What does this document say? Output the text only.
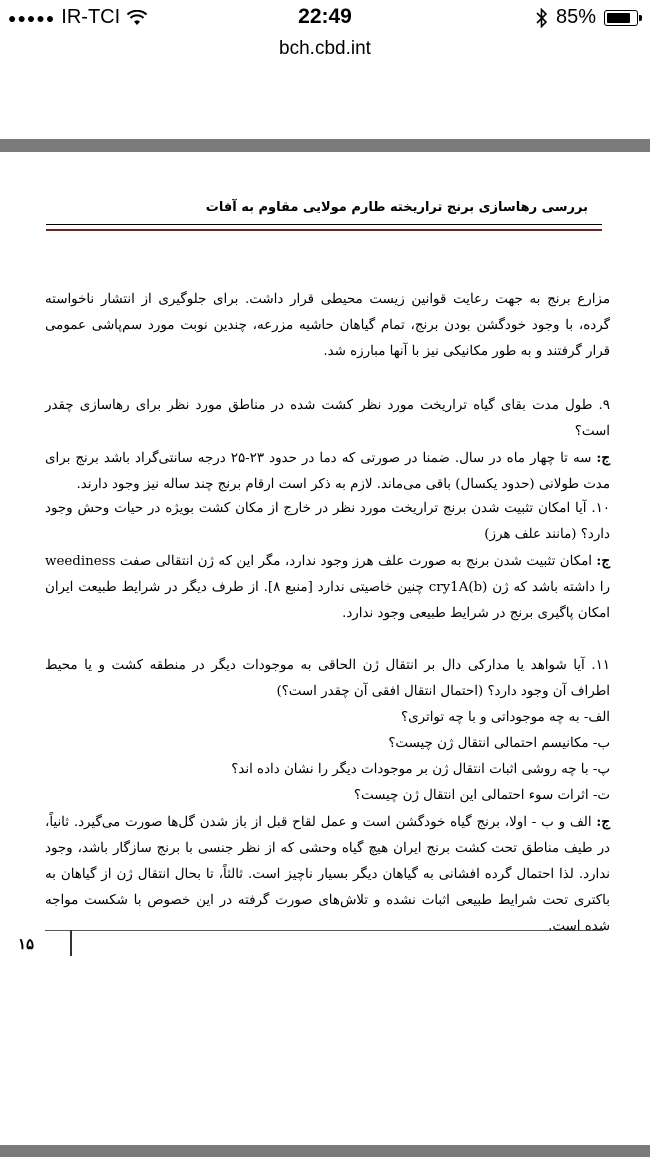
●●●●● IR-TCI	22:49	85%
bch.cbd.int
بررسی رهاسازی برنج تراریخته طارم مولایی مقاوم به آفات

مزارع برنج به جهت رعایت قوانین زیست محیطی قرار داشت. برای جلوگیری از انتشار ناخواسته گرده، با وجود خودگشن بودن برنج، تمام گیاهان حاشیه مزرعه، چندین نوبت مورد سم‌پاشی عمومی قرار گرفتند و به طور مکانیکی نیز با آنها مبارزه شد.

۹. طول مدت بقای گیاه تراریخت مورد نظر کشت شده در مناطق مورد نظر برای رهاسازی چقدر است؟

ج: سه تا چهار ماه در سال. ضمنا در صورتی که دما در حدود ۲۳-۲۵ درجه سانتی‌گراد باشد برنج برای مدت طولانی (حدود یکسال) باقی می‌ماند. لازم به ذکر است ارقام برنج چند ساله نیز وجود دارند.

۱۰. آیا امکان تثبیت شدن برنج تراریخت مورد نظر در خارج از مکان کشت بویژه در حیات وحش وجود دارد؟ (مانند علف هرز)

ج: امکان تثبیت شدن برنج به صورت علف هرز وجود ندارد، مگر این که ژن انتقالی صفت weediness را داشته باشد که ژن cry1A(b) چنین خاصیتی ندارد [منبع ۸]. از طرف دیگر در شرایط طبیعت ایران امکان پاگیری برنج در شرایط طبیعی وجود ندارد.

۱۱. آیا شواهد یا مدارکی دال بر انتقال ژن الحاقی به موجودات دیگر در منطقه کشت و یا محیط اطراف آن وجود دارد؟ (احتمال انتقال افقی آن چقدر است؟)

الف- به چه موجوداتی و با چه تواتری؟

ب- مکانیسم احتمالی انتقال ژن چیست؟

پ- با چه روشی اثبات انتقال ژن بر موجودات دیگر را نشان داده اند؟

ت- اثرات سوء احتمالی این انتقال ژن چیست؟

ج: الف و ب - اولا، برنج گیاه خودگشن است و عمل لقاح قبل از باز شدن گل‌ها صورت می‌گیرد. ثانیاً، در طیف مناطق تحت کشت برنج ایران هیچ گیاه وحشی که از نظر جنسی با برنج سازگار باشد، وجود ندارد. لذا احتمال گرده افشانی به گیاهان دیگر بسیار ناچیز است. ثالثاً، تا بحال انتقال ژن از گیاهان به باکتری تحت شرایط طبیعی اثبات نشده و تلاش‌های صورت گرفته در این خصوص با شکست مواجه شده است.

۱۵
